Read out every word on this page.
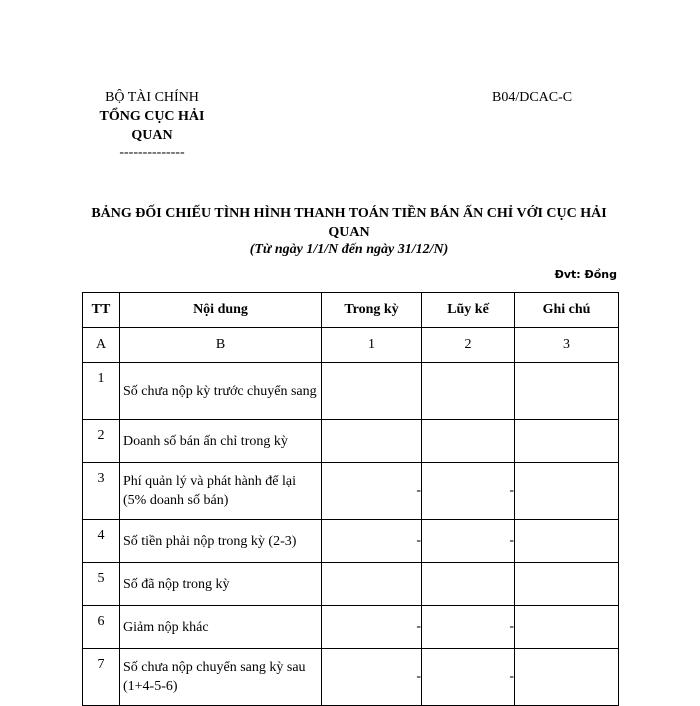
BỘ TÀI CHÍNH
TỔNG CỤC HẢI QUAN
--------------
B04/DCAC-C
BẢNG ĐỐI CHIẾU TÌNH HÌNH THANH TOÁN TIỀN BÁN ẤN CHỈ VỚI CỤC HẢI QUAN
(Từ ngày 1/1/N đến ngày 31/12/N)
Đvt: Đồng
TT	Nội dung	Trong kỳ	Lũy kế	Ghi chú
A	B	1	2	3
1	Số chưa nộp kỳ trước chuyển sang	

2	Doanh số bán ấn chỉ trong kỳ	

3	Phí quản lý và phát hành để lại (5% doanh số bán)	-	-	

4	Số tiền phải nộp trong kỳ (2-3)	-	-	

5	Số đã nộp trong kỳ	

6	Giảm nộp khác	-	-	

7	Số chưa nộp chuyển sang kỳ sau (1+4-5-6)	-	-	
